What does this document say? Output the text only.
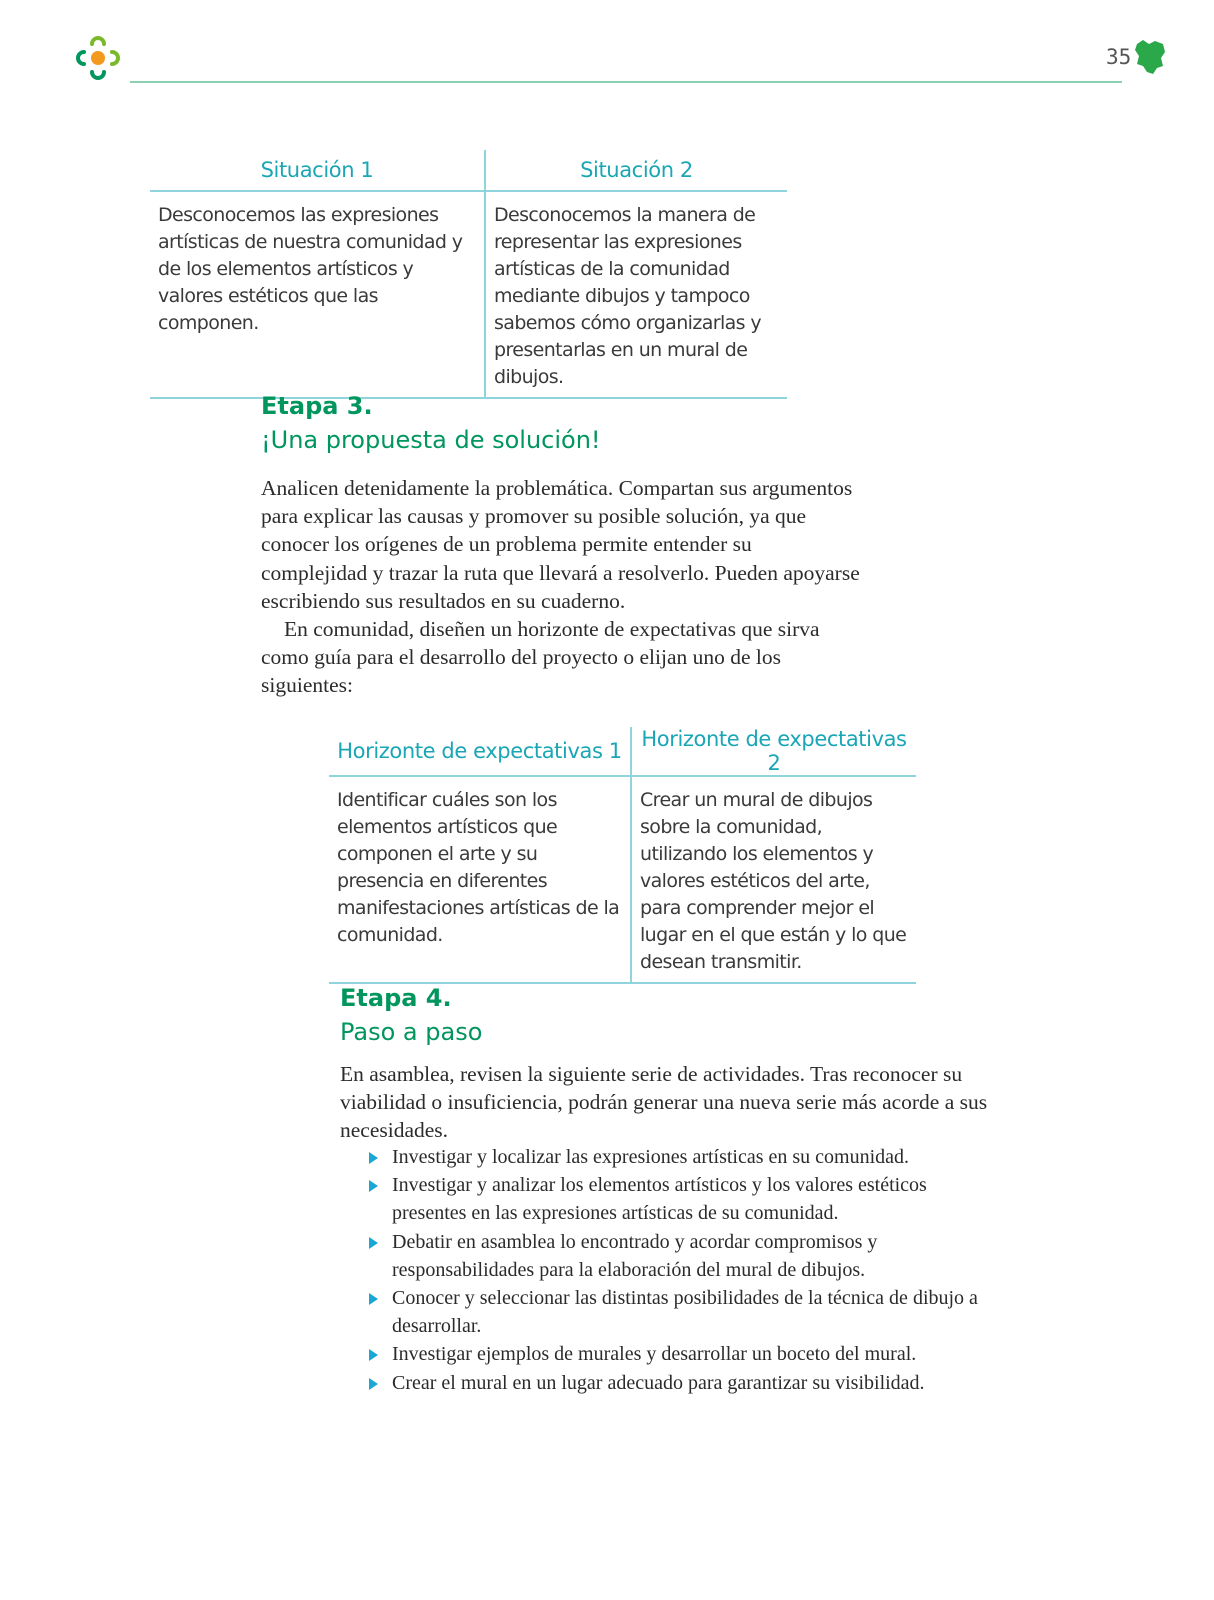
35
Situación 1	Situación 2
Desconocemos las expresiones artísticas de nuestra comunidad y de los elementos artísticos y valores estéticos que las componen.	Desconocemos la manera de representar las expresiones artísticas de la comunidad mediante dibujos y tampoco sabemos cómo organizarlas y presentarlas en un mural de dibujos.
Etapa 3.
¡Una propuesta de solución!

Analicen detenidamente la problemática. Compartan sus argumentos para explicar las causas y promover su posible solución, ya que conocer los orígenes de un problema permite entender su complejidad y trazar la ruta que llevará a resolverlo. Pueden apoyarse escribiendo sus resultados en su cuaderno.

En comunidad, diseñen un horizonte de expectativas que sirva como guía para el desarrollo del proyecto o elijan uno de los siguientes:

Horizonte de expectativas 1	Horizonte de expectativas 2
Identificar cuáles son los elementos artísticos que componen el arte y su presencia en diferentes manifestaciones artísticas de la comunidad.	Crear un mural de dibujos sobre la comunidad, utilizando los elementos y valores estéticos del arte, para comprender mejor el lugar en el que están y lo que desean transmitir.
Etapa 4.
Paso a paso

En asamblea, revisen la siguiente serie de actividades. Tras reconocer su viabilidad o insuficiencia, podrán generar una nueva serie más acorde a sus necesidades.

Investigar y localizar las expresiones artísticas en su comunidad.
Investigar y analizar los elementos artísticos y los valores estéticos presentes en las expresiones artísticas de su comunidad.
Debatir en asamblea lo encontrado y acordar compromisos y responsabilidades para la elaboración del mural de dibujos.
Conocer y seleccionar las distintas posibilidades de la técnica de dibujo a desarrollar.
Investigar ejemplos de murales y desarrollar un boceto del mural.
Crear el mural en un lugar adecuado para garantizar su visibilidad.
